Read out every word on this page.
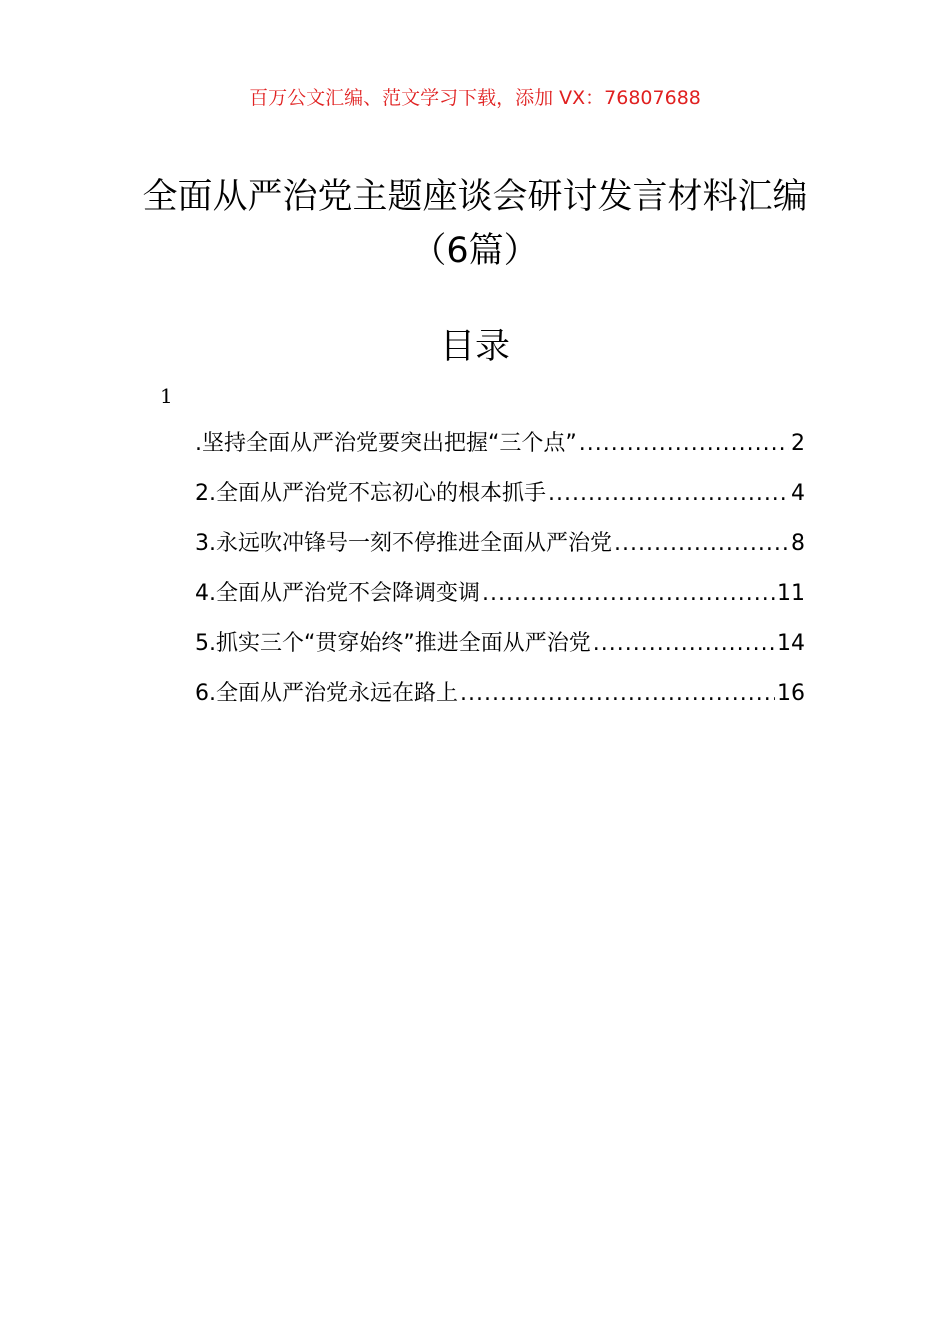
百万公文汇编、范文学习下载，添加 VX：76807688
全面从严治党主题座谈会研讨发言材料汇编（6篇）
目录
1
.坚持全面从严治党要突出把握“三个点” .....	2
2.全面从严治党不忘初心的根本抓手 .....	4
3.永远吹冲锋号一刻不停推进全面从严治党 .....	8
4.全面从严治党不会降调变调 .....	11
5.抓实三个“贯穿始终”推进全面从严治党 .....	14
6.全面从严治党永远在路上 .....	16
